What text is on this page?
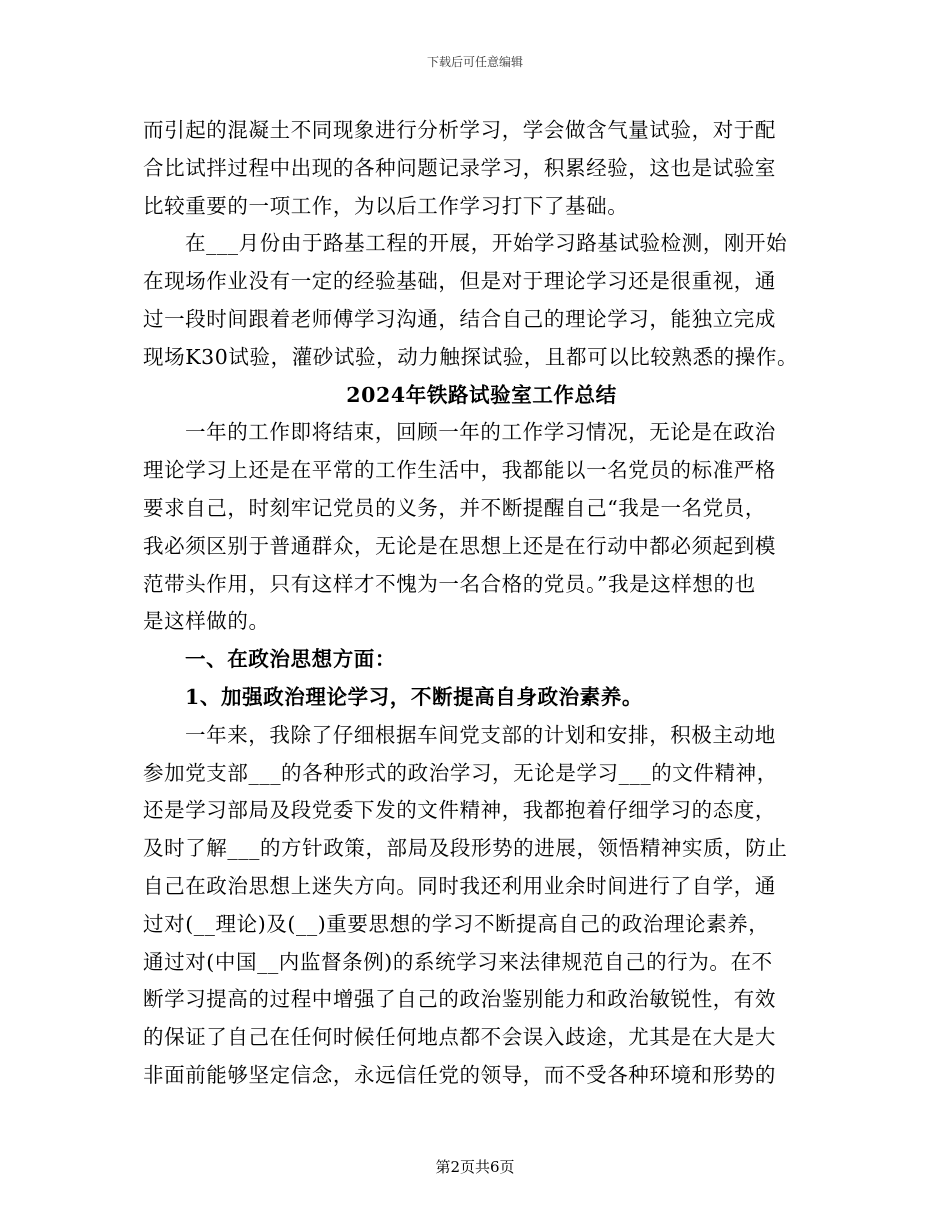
下载后可任意编辑
而引起的混凝土不同现象进行分析学习，学会做含气量试验，对于配
合比试拌过程中出现的各种问题记录学习，积累经验，这也是试验室
比较重要的一项工作，为以后工作学习打下了基础。
在___月份由于路基工程的开展，开始学习路基试验检测，刚开始
在现场作业没有一定的经验基础，但是对于理论学习还是很重视，通
过一段时间跟着老师傅学习沟通，结合自己的理论学习，能独立完成
现场K30试验，灌砂试验，动力触探试验，且都可以比较熟悉的操作。
2024年铁路试验室工作总结
一年的工作即将结束，回顾一年的工作学习情况，无论是在政治
理论学习上还是在平常的工作生活中，我都能以一名党员的标准严格
要求自己，时刻牢记党员的义务，并不断提醒自己“我是一名党员，
我必须区别于普通群众，无论是在思想上还是在行动中都必须起到模
范带头作用，只有这样才不愧为一名合格的党员。”我是这样想的也
是这样做的。
一、在政治思想方面：
1、加强政治理论学习，不断提高自身政治素养。
一年来，我除了仔细根据车间党支部的计划和安排，积极主动地
参加党支部___的各种形式的政治学习，无论是学习___的文件精神，
还是学习部局及段党委下发的文件精神，我都抱着仔细学习的态度，
及时了解___的方针政策，部局及段形势的进展，领悟精神实质，防止
自己在政治思想上迷失方向。同时我还利用业余时间进行了自学，通
过对(__理论)及(__)重要思想的学习不断提高自己的政治理论素养，
通过对(中国__内监督条例)的系统学习来法律规范自己的行为。在不
断学习提高的过程中增强了自己的政治鉴别能力和政治敏锐性，有效
的保证了自己在任何时候任何地点都不会误入歧途，尤其是在大是大
非面前能够坚定信念，永远信任党的领导，而不受各种环境和形势的
第2页共6页
